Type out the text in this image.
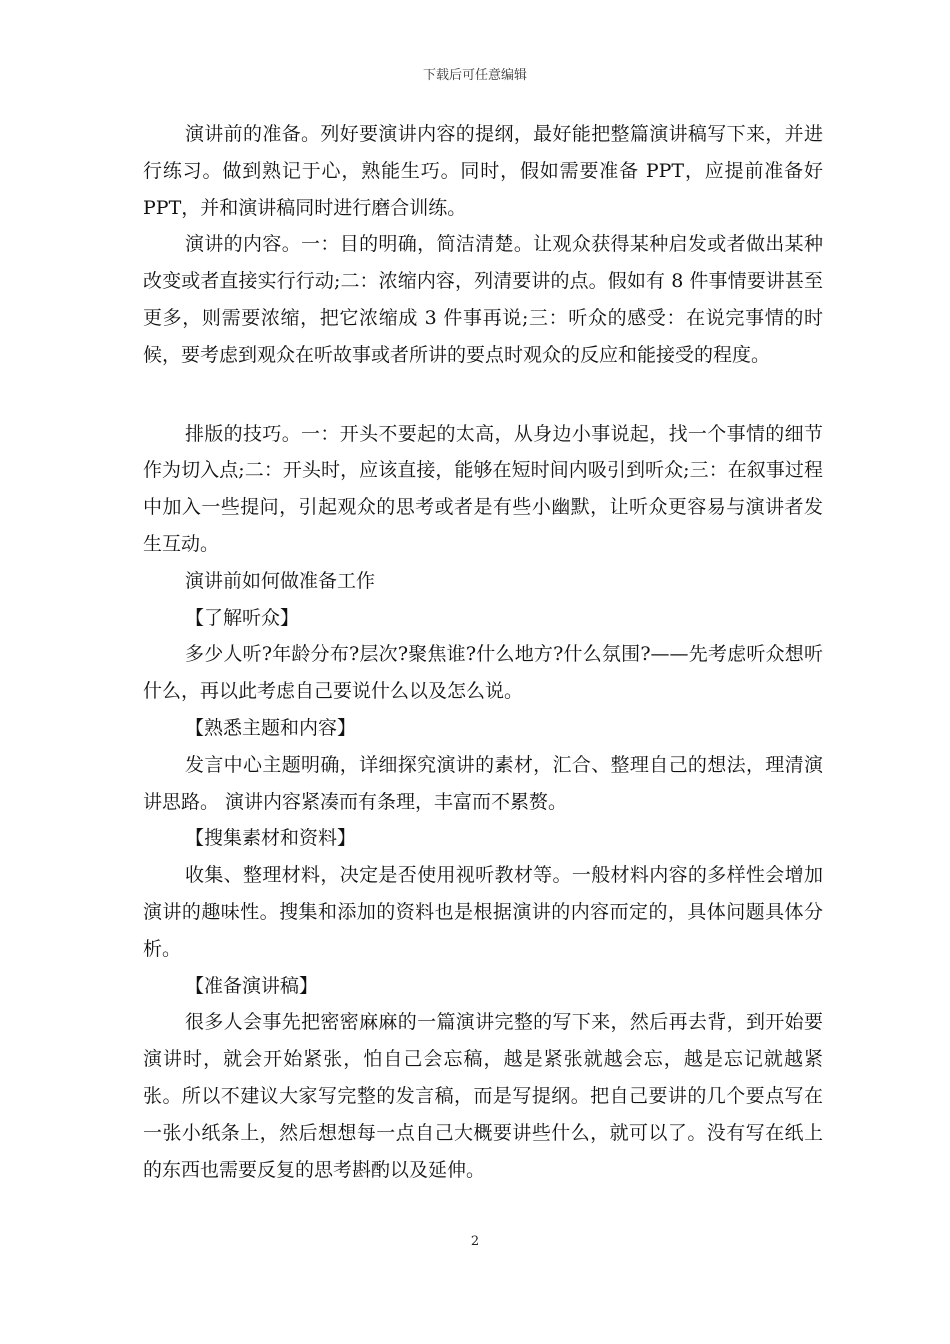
下载后可任意编辑

演讲前的准备。列好要演讲内容的提纲，最好能把整篇演讲稿写下来，并进行练习。做到熟记于心，熟能生巧。同时，假如需要准备 PPT，应提前准备好 PPT，并和演讲稿同时进行磨合训练。

演讲的内容。一：目的明确，简洁清楚。让观众获得某种启发或者做出某种改变或者直接实行行动;二：浓缩内容，列清要讲的点。假如有 8 件事情要讲甚至更多，则需要浓缩，把它浓缩成 3 件事再说;三：听众的感受：在说完事情的时候，要考虑到观众在听故事或者所讲的要点时观众的反应和能接受的程度。

排版的技巧。一：开头不要起的太高，从身边小事说起，找一个事情的细节作为切入点;二：开头时，应该直接，能够在短时间内吸引到听众;三：在叙事过程中加入一些提问，引起观众的思考或者是有些小幽默，让听众更容易与演讲者发生互动。

演讲前如何做准备工作

【了解听众】

多少人听?年龄分布?层次?聚焦谁?什么地方?什么氛围?——先考虑听众想听什么，再以此考虑自己要说什么以及怎么说。

【熟悉主题和内容】

发言中心主题明确，详细探究演讲的素材，汇合、整理自己的想法，理清演讲思路。 演讲内容紧凑而有条理，丰富而不累赘。

【搜集素材和资料】

收集、整理材料，决定是否使用视听教材等。一般材料内容的多样性会增加演讲的趣味性。搜集和添加的资料也是根据演讲的内容而定的，具体问题具体分析。

【准备演讲稿】

很多人会事先把密密麻麻的一篇演讲完整的写下来，然后再去背，到开始要演讲时，就会开始紧张，怕自己会忘稿，越是紧张就越会忘，越是忘记就越紧张。所以不建议大家写完整的发言稿，而是写提纲。把自己要讲的几个要点写在一张小纸条上，然后想想每一点自己大概要讲些什么，就可以了。没有写在纸上的东西也需要反复的思考斟酌以及延伸。

2
